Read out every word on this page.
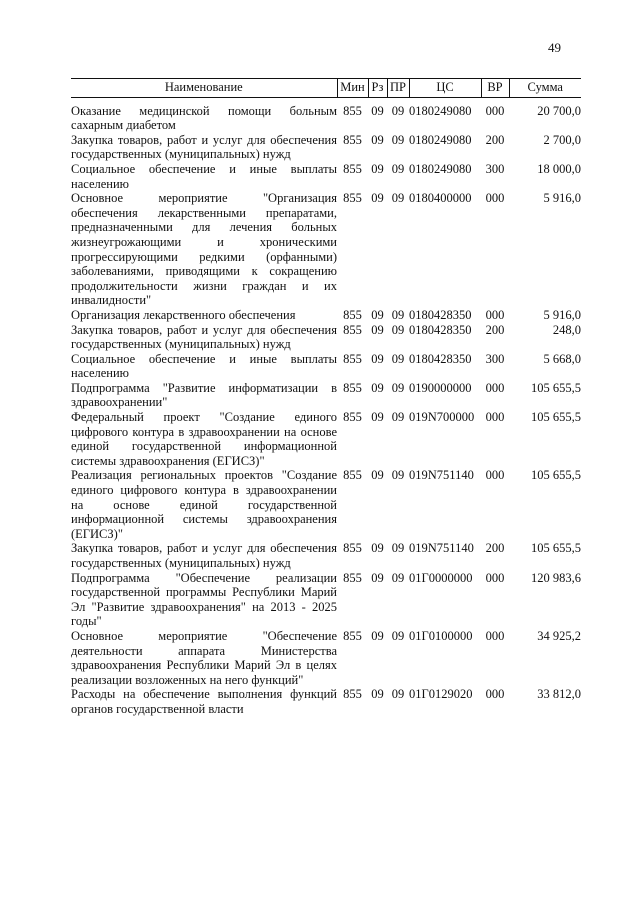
49
Наименование	Мин	Рз	ПР	ЦС	ВР	Сумма
Оказание медицинской помощи больным сахарным диабетом	855	09	09	0180249080	000	20 700,0
Закупка товаров, работ и услуг для обеспечения государственных (муниципальных) нужд	855	09	09	0180249080	200	2 700,0
Социальное обеспечение и иные выплаты населению	855	09	09	0180249080	300	18 000,0
Основное мероприятие "Организация обеспечения лекарственными препаратами, предназначенными для лечения больных жизнеугрожающими и хроническими прогрессирующими редкими (орфанными) заболеваниями, приводящими к сокращению продолжительности жизни граждан и их инвалидности"	855	09	09	0180400000	000	5 916,0
Организация лекарственного обеспечения	855	09	09	0180428350	000	5 916,0
Закупка товаров, работ и услуг для обеспечения государственных (муниципальных) нужд	855	09	09	0180428350	200	248,0
Социальное обеспечение и иные выплаты населению	855	09	09	0180428350	300	5 668,0
Подпрограмма "Развитие информатизации в здравоохранении"	855	09	09	0190000000	000	105 655,5
Федеральный проект "Создание единого цифрового контура в здравоохранении на основе единой государственной информационной системы здравоохранения (ЕГИСЗ)"	855	09	09	019N700000	000	105 655,5
Реализация региональных проектов "Создание единого цифрового контура в здравоохранении на основе единой государственной информационной системы здравоохранения (ЕГИСЗ)"	855	09	09	019N751140	000	105 655,5
Закупка товаров, работ и услуг для обеспечения государственных (муниципальных) нужд	855	09	09	019N751140	200	105 655,5
Подпрограмма "Обеспечение реализации государственной программы Республики Марий Эл "Развитие здравоохранения" на 2013 - 2025 годы"	855	09	09	01Г0000000	000	120 983,6
Основное мероприятие "Обеспечение деятельности аппарата Министерства здравоохранения Республики Марий Эл в целях реализации возложенных на него функций"	855	09	09	01Г0100000	000	34 925,2
Расходы на обеспечение выполнения функций органов государственной власти	855	09	09	01Г0129020	000	33 812,0
